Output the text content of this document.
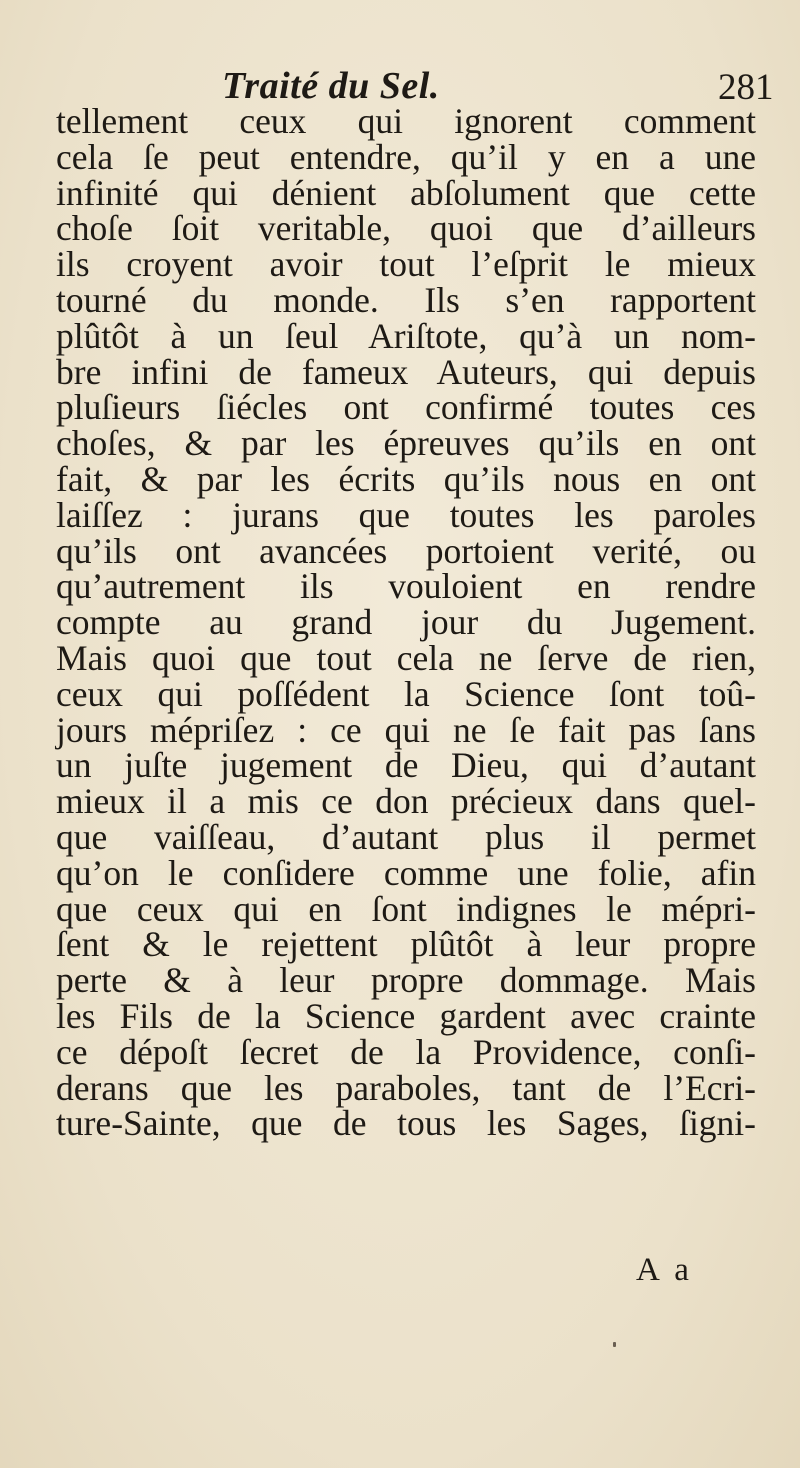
Traité du Sel.	281
tellement ceux qui ignorent comment
cela ſe peut entendre, qu’il y en a une
infinité qui dénient abſolument que cette
choſe ſoit veritable, quoi que d’ailleurs
ils croyent avoir tout l’eſprit le mieux
tourné du monde. Ils s’en rapportent
plûtôt à un ſeul Ariſtote, qu’à un nom-
bre infini de fameux Auteurs, qui depuis
pluſieurs ſiécles ont confirmé toutes ces
choſes, & par les épreuves qu’ils en ont
fait, & par les écrits qu’ils nous en ont
laiſſez : jurans que toutes les paroles
qu’ils ont avancées portoient verité, ou
qu’autrement ils vouloient en rendre
compte au grand jour du Jugement.
Mais quoi que tout cela ne ſerve de rien,
ceux qui poſſédent la Science ſont toû-
jours mépriſez : ce qui ne ſe fait pas ſans
un juſte jugement de Dieu, qui d’autant
mieux il a mis ce don précieux dans quel-
que vaiſſeau, d’autant plus il permet
qu’on le conſidere comme une folie, afin
que ceux qui en ſont indignes le mépri-
ſent & le rejettent plûtôt à leur propre
perte & à leur propre dommage. Mais
les Fils de la Science gardent avec crainte
ce dépoſt ſecret de la Providence, conſi-
derans que les paraboles, tant de l’Ecri-
ture-Sainte, que de tous les Sages, ſigni-
A a
